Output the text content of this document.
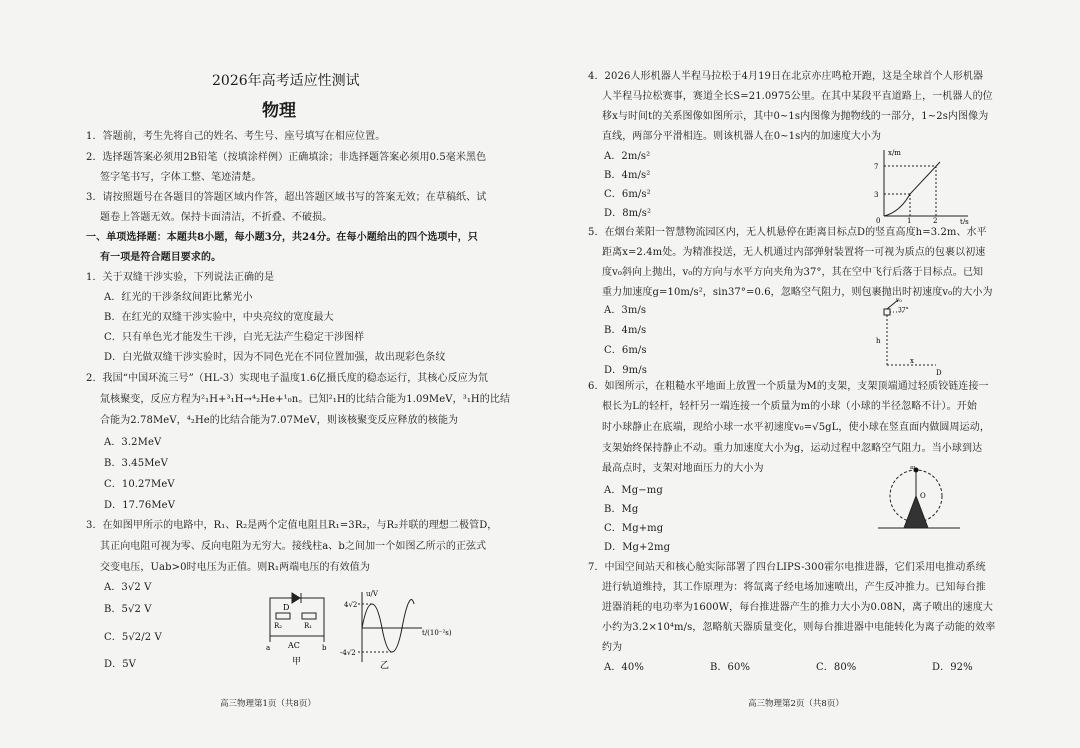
2026年高考适应性测试
物理
1．答题前，考生先将自己的姓名、考生号、座号填写在相应位置。
2．选择题答案必须用2B铅笔（按填涂样例）正确填涂；非选择题答案必须用0.5毫米黑色
签字笔书写，字体工整、笔迹清楚。
3．请按照题号在各题目的答题区域内作答，超出答题区域书写的答案无效；在草稿纸、试
题卷上答题无效。保持卡面清洁，不折叠、不破损。
一、单项选择题：本题共8小题，每小题3分，共24分。在每小题给出的四个选项中，只
有一项是符合题目要求的。
1．关于双缝干涉实验，下列说法正确的是
A．红光的干涉条纹间距比紫光小
B．在红光的双缝干涉实验中，中央亮纹的宽度最大
C．只有单色光才能发生干涉，白光无法产生稳定干涉图样
D．白光做双缝干涉实验时，因为不同色光在不同位置加强，故出现彩色条纹
2．我国“中国环流三号”（HL-3）实现电子温度1.6亿摄氏度的稳态运行，其核心反应为氘
氚核聚变，反应方程为²₁H+³₁H→⁴₂He+¹₀n。已知²₁H的比结合能为1.09MeV，³₁H的比结
合能为2.78MeV，⁴₂He的比结合能为7.07MeV，则该核聚变反应释放的核能为
A．3.2MeV
B．3.45MeV
C．10.27MeV
D．17.76MeV
3．在如图甲所示的电路中，R₁、R₂是两个定值电阻且R₁=3R₂，与R₂并联的理想二极管D，
其正向电阻可视为零、反向电阻为无穷大。接线柱a、b之间加一个如图乙所示的正弦式
交变电压，Uab>0时电压为正值。则R₁两端电压的有效值为
A．3√2 V
B．5√2 V
C．5√2/2 V
D．5V
D
R₂	R₁
a	b
AC
甲
u/V
4√2
-4√2
t/(10⁻²s)
乙
高三物理第1页（共8页）
4．2026人形机器人半程马拉松于4月19日在北京亦庄鸣枪开跑，这是全球首个人形机器
人半程马拉松赛事，赛道全长S=21.0975公里。在其中某段平直道路上，一机器人的位
移x与时间t的关系图像如图所示，其中0~1s内图像为抛物线的一部分，1~2s内图像为
直线，两部分平滑相连。则该机器人在0~1s内的加速度大小为
A．2m/s²
B．4m/s²
C．6m/s²
D．8m/s²
x/m
7
3
0	1	2	t/s
5．在烟台莱阳一智慧物流园区内，无人机悬停在距离目标点D的竖直高度h=3.2m、水平
距离x=2.4m处。为精准投送，无人机通过内部弹射装置将一可视为质点的包裹以初速
度v₀斜向上抛出，v₀的方向与水平方向夹角为37°，其在空中飞行后落于目标点。已知
重力加速度g=10m/s²，sin37°=0.6，忽略空气阻力，则包裹抛出时初速度v₀的大小为
A．3m/s
B．4m/s
C．6m/s
D．9m/s
v₀
37°
h
x
D
6．如图所示，在粗糙水平地面上放置一个质量为M的支架，支架顶端通过轻质铰链连接一
根长为L的轻杆，轻杆另一端连接一个质量为m的小球（小球的半径忽略不计）。开始
时小球静止在底端，现给小球一水平初速度v₀=√5gL，使小球在竖直面内做圆周运动，
支架始终保持静止不动。重力加速度大小为g，运动过程中忽略空气阻力。当小球到达
最高点时，支架对地面压力的大小为
A．Mg−mg
B．Mg
C．Mg+mg
D．Mg+2mg
m
O
7．中国空间站天和核心舱实际部署了四台LIPS-300霍尔电推进器，它们采用电推动系统
进行轨道维持，其工作原理为：将氙离子经电场加速喷出，产生反冲推力。已知每台推
进器消耗的电功率为1600W，每台推进器产生的推力大小为0.08N，离子喷出的速度大
小约为3.2×10⁴m/s，忽略航天器质量变化，则每台推进器中电能转化为离子动能的效率
约为
A．40%	B．60%	C．80%	D．92%
高三物理第2页（共8页）
